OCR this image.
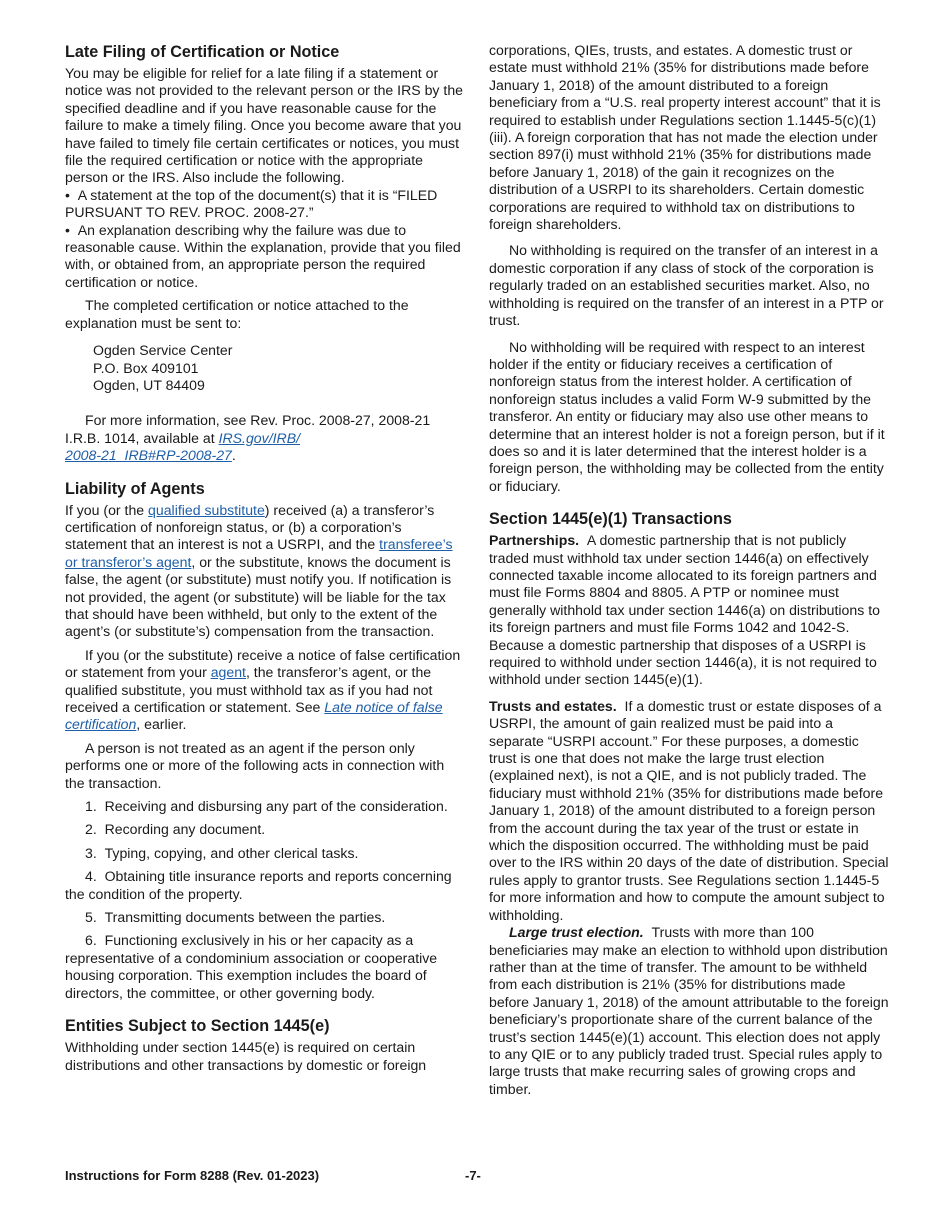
Late Filing of Certification or Notice

You may be eligible for relief for a late filing if a statement or notice was not provided to the relevant person or the IRS by the specified deadline and if you have reasonable cause for the failure to make a timely filing. Once you become aware that you have failed to timely file certain certificates or notices, you must file the required certification or notice with the appropriate person or the IRS. Also include the following.

•  A statement at the top of the document(s) that it is “FILED PURSUANT TO REV. PROC. 2008-27.”

•  An explanation describing why the failure was due to reasonable cause. Within the explanation, provide that you filed with, or obtained from, an appropriate person the required certification or notice.

The completed certification or notice attached to the explanation must be sent to:

Ogden Service Center
P.O. Box 409101
Ogden, UT 84409

For more information, see Rev. Proc. 2008-27, 2008-21 I.R.B. 1014, available at IRS.gov/IRB/
2008-21_IRB#RP-2008-27.

Liability of Agents

If you (or the qualified substitute) received (a) a transferor’s certification of nonforeign status, or (b) a corporation’s statement that an interest is not a USRPI, and the transferee’s or transferor’s agent, or the substitute, knows the document is false, the agent (or substitute) must notify you. If notification is not provided, the agent (or substitute) will be liable for the tax that should have been withheld, but only to the extent of the agent’s (or substitute’s) compensation from the transaction.

If you (or the substitute) receive a notice of false certification or statement from your agent, the transferor’s agent, or the qualified substitute, you must withhold tax as if you had not received a certification or statement. See Late notice of false certification, earlier.

A person is not treated as an agent if the person only performs one or more of the following acts in connection with the transaction.

1.  Receiving and disbursing any part of the consideration.

2.  Recording any document.

3.  Typing, copying, and other clerical tasks.

4.  Obtaining title insurance reports and reports concerning the condition of the property.

5.  Transmitting documents between the parties.

6.  Functioning exclusively in his or her capacity as a representative of a condominium association or cooperative housing corporation. This exemption includes the board of directors, the committee, or other governing body.

Entities Subject to Section 1445(e)

Withholding under section 1445(e) is required on certain distributions and other transactions by domestic or foreign

corporations, QIEs, trusts, and estates. A domestic trust or estate must withhold 21% (35% for distributions made before January 1, 2018) of the amount distributed to a foreign beneficiary from a “U.S. real property interest account” that it is required to establish under Regulations section 1.1445-5(c)(1)(iii). A foreign corporation that has not made the election under section 897(i) must withhold 21% (35% for distributions made before January 1, 2018) of the gain it recognizes on the distribution of a USRPI to its shareholders. Certain domestic corporations are required to withhold tax on distributions to foreign shareholders.

No withholding is required on the transfer of an interest in a domestic corporation if any class of stock of the corporation is regularly traded on an established securities market. Also, no withholding is required on the transfer of an interest in a PTP or trust.

No withholding will be required with respect to an interest holder if the entity or fiduciary receives a certification of nonforeign status from the interest holder. A certification of nonforeign status includes a valid Form W-9 submitted by the transferor. An entity or fiduciary may also use other means to determine that an interest holder is not a foreign person, but if it does so and it is later determined that the interest holder is a foreign person, the withholding may be collected from the entity or fiduciary.

Section 1445(e)(1) Transactions

Partnerships. A domestic partnership that is not publicly traded must withhold tax under section 1446(a) on effectively connected taxable income allocated to its foreign partners and must file Forms 8804 and 8805. A PTP or nominee must generally withhold tax under section 1446(a) on distributions to its foreign partners and must file Forms 1042 and 1042-S. Because a domestic partnership that disposes of a USRPI is required to withhold under section 1446(a), it is not required to withhold under section 1445(e)(1).

Trusts and estates. If a domestic trust or estate disposes of a USRPI, the amount of gain realized must be paid into a separate “USRPI account.” For these purposes, a domestic trust is one that does not make the large trust election (explained next), is not a QIE, and is not publicly traded. The fiduciary must withhold 21% (35% for distributions made before January 1, 2018) of the amount distributed to a foreign person from the account during the tax year of the trust or estate in which the disposition occurred. The withholding must be paid over to the IRS within 20 days of the date of distribution. Special rules apply to grantor trusts. See Regulations section 1.1445-5 for more information and how to compute the amount subject to withholding.

Large trust election. Trusts with more than 100 beneficiaries may make an election to withhold upon distribution rather than at the time of transfer. The amount to be withheld from each distribution is 21% (35% for distributions made before January 1, 2018) of the amount attributable to the foreign beneficiary’s proportionate share of the current balance of the trust’s section 1445(e)(1) account. This election does not apply to any QIE or to any publicly traded trust. Special rules apply to large trusts that make recurring sales of growing crops and timber.

Instructions for Form 8288 (Rev. 01-2023)	-7-
